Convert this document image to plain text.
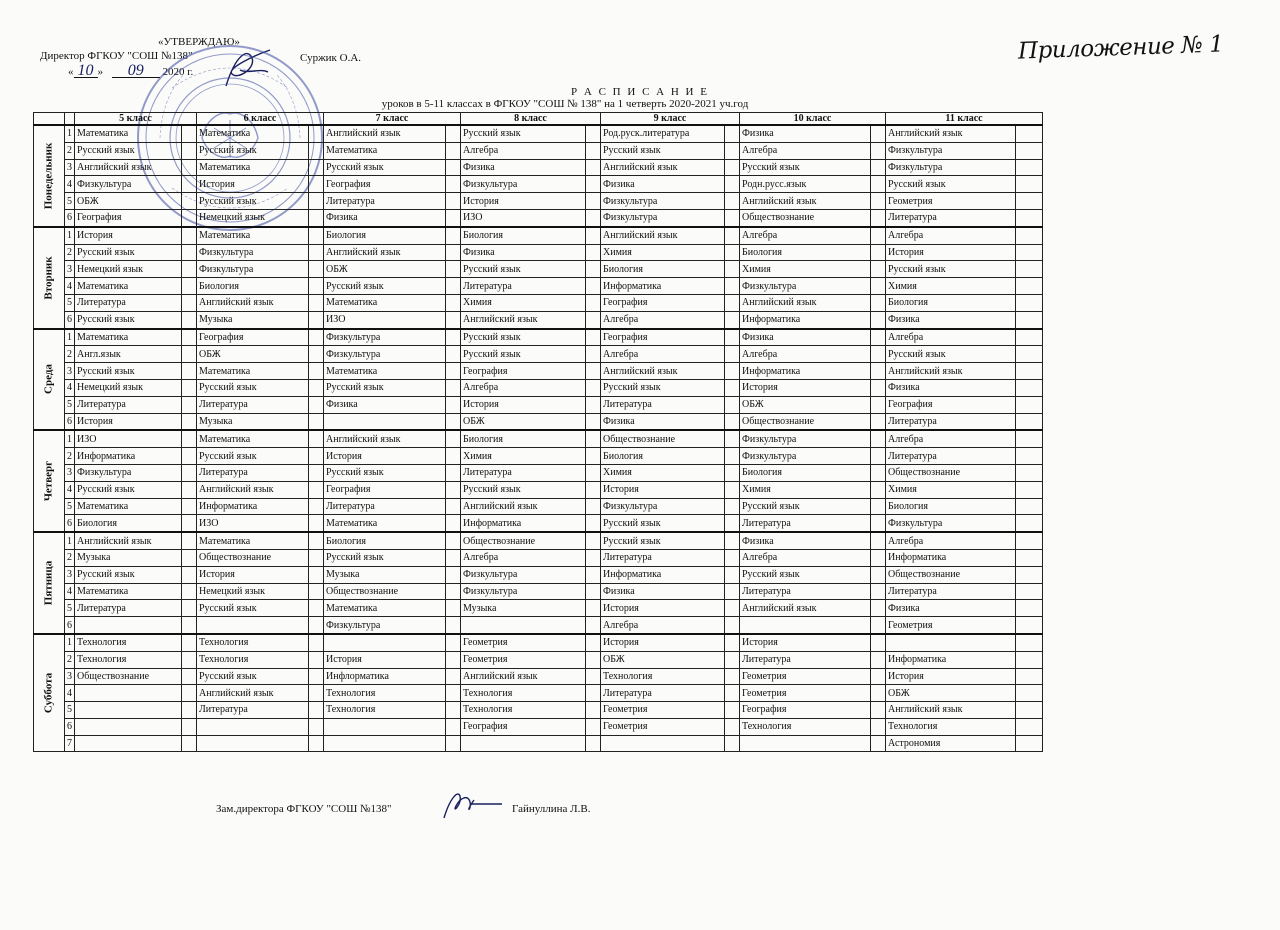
«УТВЕРЖДАЮ»
Директор ФГКОУ "СОШ №138"
« 10 » 09 2020 г.
Суржик О.А.	Приложение № 1
Р А С П И С А Н И Е
уроков в 5-11 классах в ФГКОУ "СОШ № 138" на 1 четверть 2020-2021 уч.год
		5 класс		6 класс		7 класс		8 класс		9 класс		10 класс		11 класс	

Понедельник	1	Математика		Математика		Английский язык		Русский язык		Род.руск.литература		Физика		Английский язык	
	2	Русский язык		Русский язык		Математика		Алгебра		Русский язык		Алгебра		Физкультура	
	3	Английский язык		Математика		Русский язык		Физика		Английский язык		Русский язык		Физкультура	
	4	Физкультура		История		География		Физкультура		Физика		Родн.русс.язык		Русский язык	
	5	ОБЖ		Русский язык		Литература		История		Физкультура		Английский язык		Геометрия	
	6	География		Немецкий язык		Физика		ИЗО		Физкультура		Обществознание		Литература	

Вторник	1	История		Математика		Биология		Биология		Английский язык		Алгебра		Алгебра	
	2	Русский язык		Физкультура		Английский язык		Физика		Химия		Биология		История	
	3	Немецкий язык		Физкультура		ОБЖ		Русский язык		Биология		Химия		Русский язык	
	4	Математика		Биология		Русский язык		Литература		Информатика		Физкультура		Химия	
	5	Литература		Английский язык		Математика		Химия		География		Английский язык		Биология	
	6	Русский язык		Музыка		ИЗО		Английский язык		Алгебра		Информатика		Физика	

Среда	1	Математика		География		Физкультура		Русский язык		География		Физика		Алгебра	
	2	Англ.язык		ОБЖ		Физкультура		Русский язык		Алгебра		Алгебра		Русский язык	
	3	Русский язык		Математика		Математика		География		Английский язык		Информатика		Английский язык	
	4	Немецкий язык		Русский язык		Русский язык		Алгебра		Русский язык		История		Физика	
	5	Литература		Литература		Физика		История		Литература		ОБЖ		География	
	6	История		Музыка				ОБЖ		Физика		Обществознание		Литература	

Четверг	1	ИЗО		Математика		Английский язык		Биология		Обществознание		Физкультура		Алгебра	
	2	Информатика		Русский язык		История		Химия		Биология		Физкультура		Литература	
	3	Физкультура		Литература		Русский язык		Литература		Химия		Биология		Обществознание	
	4	Русский язык		Английский язык		География		Русский язык		История		Химия		Химия	
	5	Математика		Информатика		Литература		Английский язык		Физкультура		Русский язык		Биология	
	6	Биология		ИЗО		Математика		Информатика		Русский язык		Литература		Физкультура	

Пятница	1	Английский язык		Математика		Биология		Обществознание		Русский язык		Физика		Алгебра	
	2	Музыка		Обществознание		Русский язык		Алгебра		Литература		Алгебра		Информатика	
	3	Русский язык		История		Музыка		Физкультура		Информатика		Русский язык		Обществознание	
	4	Математика		Немецкий язык		Обществознание		Физкультура		Физика		Литература		Литература	
	5	Литература		Русский язык		Математика		Музыка		История		Английский язык		Физика	
	6					Физкультура				Алгебра				Геометрия	

Суббота	1	Технология		Технология				Геометрия		История		История			
	2	Технология		Технология		История		Геометрия		ОБЖ		Литература		Информатика	
	3	Обществознание		Русский язык		Инфлорматика		Английский язык		Технология		Геометрия		История	
	4			Английский язык		Технология		Технология		Литература		Геометрия		ОБЖ	
	5			Литература		Технология		Технология		Геометрия		География		Английский язык	
	6							География		Геометрия		Технология		Технология	
	7													Астрономия	
Зам.директора ФГКОУ "СОШ №138"	Гайнуллина Л.В.
